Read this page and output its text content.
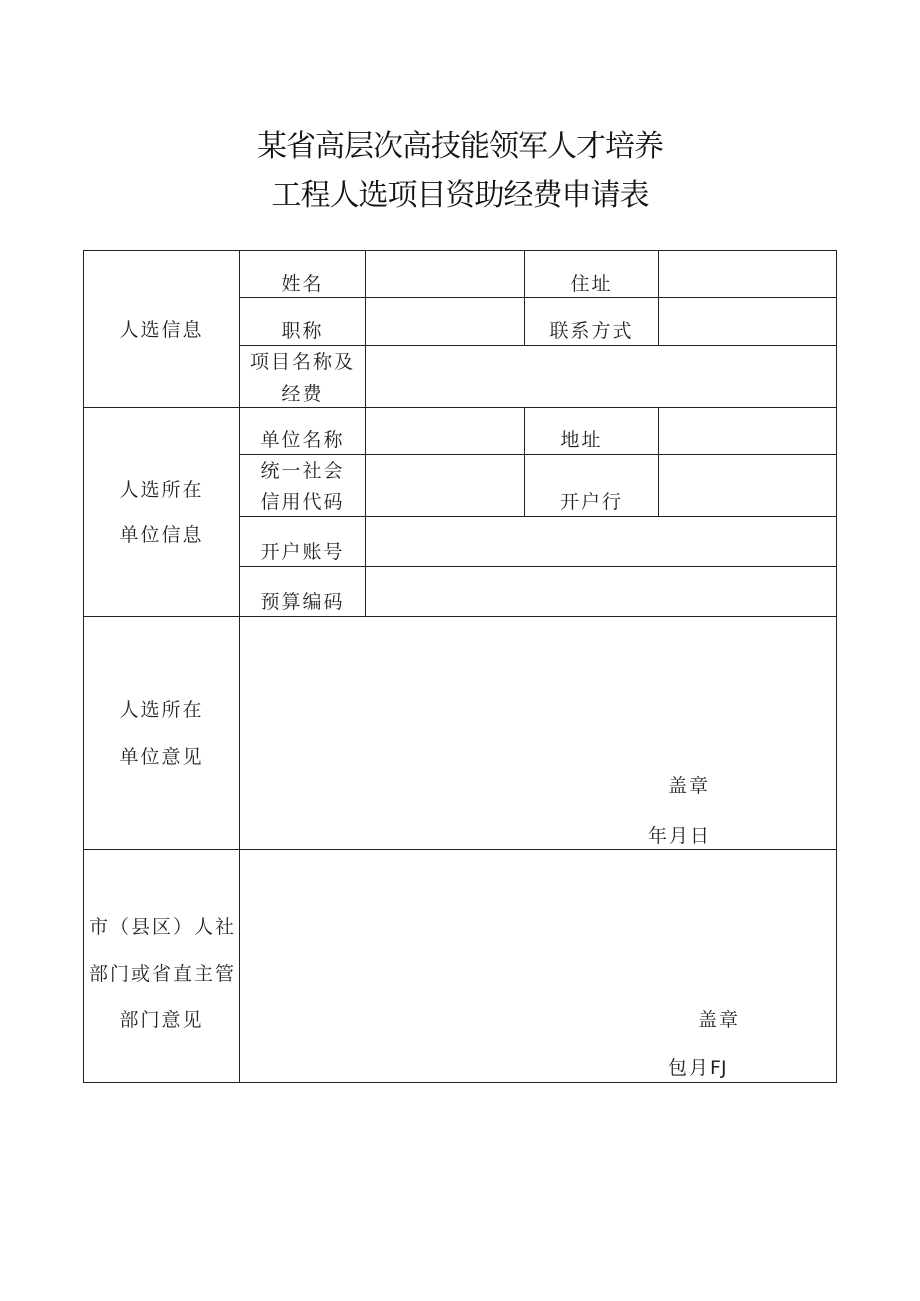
某省高层次高技能领军人才培养
工程人选项目资助经费申请表
人选信息
姓名	住址
职称	联系方式
项目名称及
经费
人选所在
单位信息
单位名称	地址
统一社会
信用代码	开户行
开户账号
预算编码
人选所在
单位意见
盖章
年月日
市（县区）人社
部门或省直主管
部门意见	盖章
包月FJ
